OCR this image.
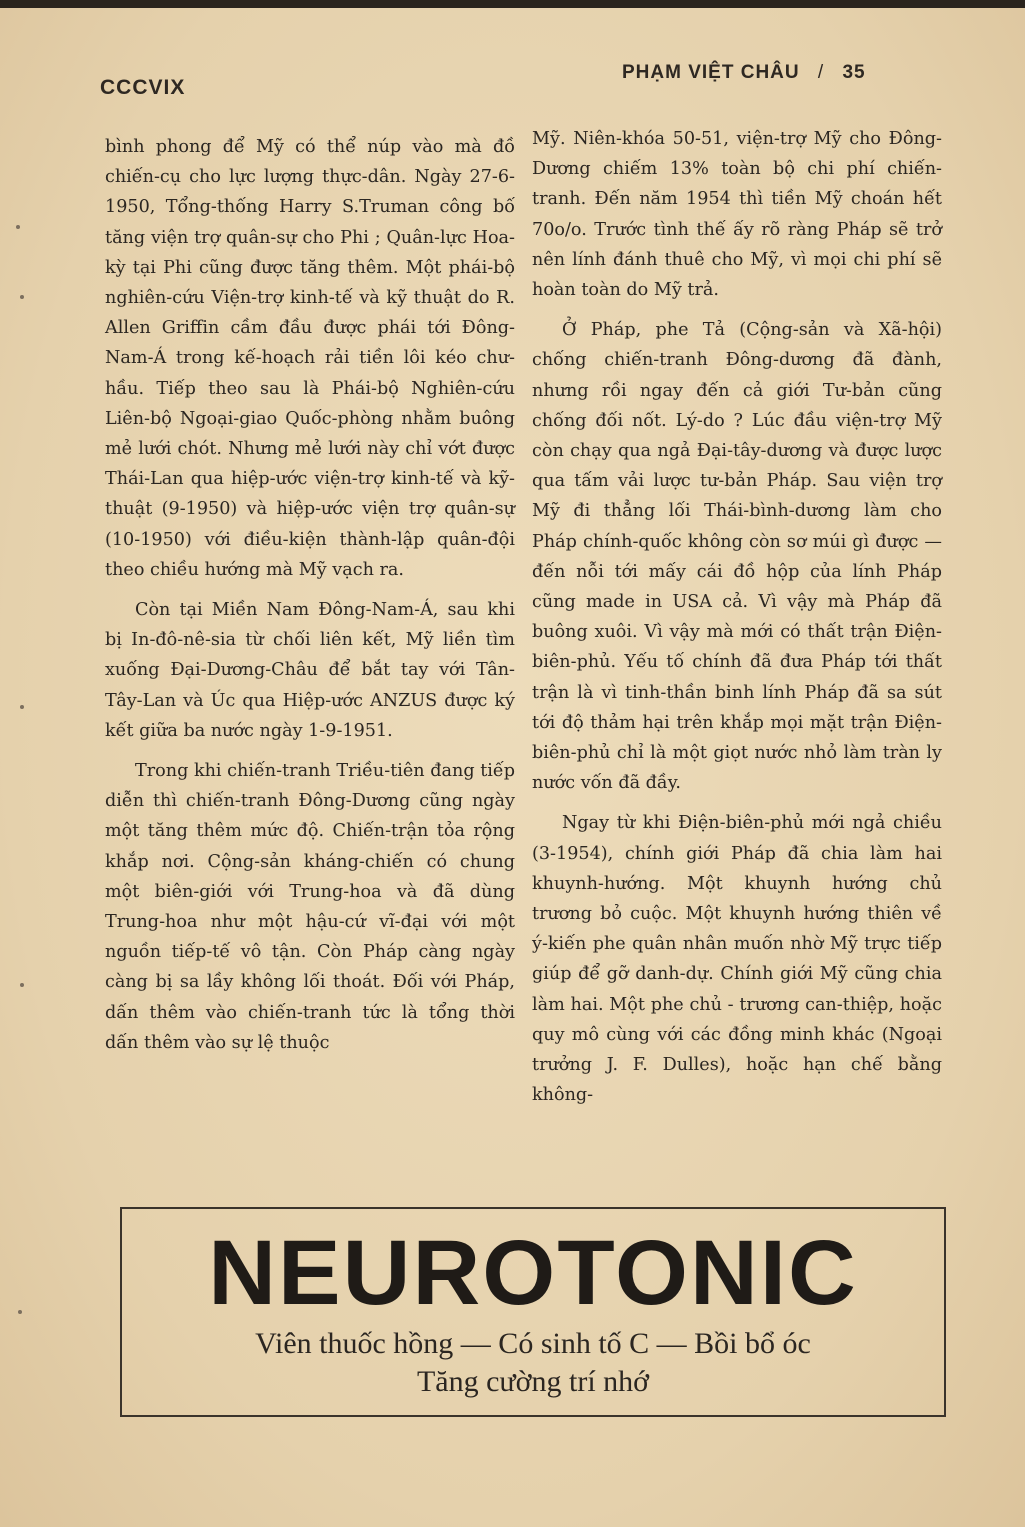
CCCVIX
PHẠM VIỆT CHÂU / 35

bình phong để Mỹ có thể núp vào mà đồ chiến-cụ cho lực lượng thực-dân. Ngày 27-6-1950, Tổng-thống Harry S.Truman công bố tăng viện trợ quân-sự cho Phi ; Quân-lực Hoa-kỳ tại Phi cũng được tăng thêm. Một phái-bộ nghiên-cứu Viện-trợ kinh-tế và kỹ thuật do R. Allen Griffin cầm đầu được phái tới Đông-Nam-Á trong kế-hoạch rải tiền lôi kéo chư-hầu. Tiếp theo sau là Phái-bộ Nghiên-cứu Liên-bộ Ngoại-giao Quốc-phòng nhằm buông mẻ lưới chót. Nhưng mẻ lưới này chỉ vớt được Thái-Lan qua hiệp-ước viện-trợ kinh-tế và kỹ-thuật (9-1950) và hiệp-ước viện trợ quân-sự (10-1950) với điều-kiện thành-lập quân-đội theo chiều hướng mà Mỹ vạch ra.

Còn tại Miền Nam Đông-Nam-Á, sau khi bị In-đô-nê-sia từ chối liên kết, Mỹ liền tìm xuống Đại-Dương-Châu để bắt tay với Tân-Tây-Lan và Úc qua Hiệp-ước ANZUS được ký kết giữa ba nước ngày 1-9-1951.

Trong khi chiến-tranh Triều-tiên đang tiếp diễn thì chiến-tranh Đông-Dương cũng ngày một tăng thêm mức độ. Chiến-trận tỏa rộng khắp nơi. Cộng-sản kháng-chiến có chung một biên-giới với Trung-hoa và đã dùng Trung-hoa như một hậu-cứ vĩ-đại với một nguồn tiếp-tế vô tận. Còn Pháp càng ngày càng bị sa lầy không lối thoát. Đối với Pháp, dấn thêm vào chiến-tranh tức là tổng thời dấn thêm vào sự lệ thuộc

Mỹ. Niên-khóa 50-51, viện-trợ Mỹ cho Đông-Dương chiếm 13% toàn bộ chi phí chiến-tranh. Đến năm 1954 thì tiền Mỹ choán hết 70o/o. Trước tình thế ấy rõ ràng Pháp sẽ trở nên lính đánh thuê cho Mỹ, vì mọi chi phí sẽ hoàn toàn do Mỹ trả.

Ở Pháp, phe Tả (Cộng-sản và Xã-hội) chống chiến-tranh Đông-dương đã đành, nhưng rồi ngay đến cả giới Tư-bản cũng chống đối nốt. Lý-do ? Lúc đầu viện-trợ Mỹ còn chạy qua ngả Đại-tây-dương và được lược qua tấm vải lược tư-bản Pháp. Sau viện trợ Mỹ đi thẳng lối Thái-bình-dương làm cho Pháp chính-quốc không còn sơ múi gì được — đến nỗi tới mấy cái đồ hộp của lính Pháp cũng made in USA cả. Vì vậy mà Pháp đã buông xuôi. Vì vậy mà mới có thất trận Điện-biên-phủ. Yếu tố chính đã đưa Pháp tới thất trận là vì tinh-thần binh lính Pháp đã sa sút tới độ thảm hại trên khắp mọi mặt trận Điện-biên-phủ chỉ là một giọt nước nhỏ làm tràn ly nước vốn đã đầy.

Ngay từ khi Điện-biên-phủ mới ngả chiều (3-1954), chính giới Pháp đã chia làm hai khuynh-hướng. Một khuynh hướng chủ trương bỏ cuộc. Một khuynh hướng thiên về ý-kiến phe quân nhân muốn nhờ Mỹ trực tiếp giúp để gỡ danh-dự. Chính giới Mỹ cũng chia làm hai. Một phe chủ - trương can-thiệp, hoặc quy mô cùng với các đồng minh khác (Ngoại trưởng J. F. Dulles), hoặc hạn chế bằng không-

NEUROTONIC
Viên thuốc hồng — Có sinh tố C — Bồi bổ óc
Tăng cường trí nhớ
